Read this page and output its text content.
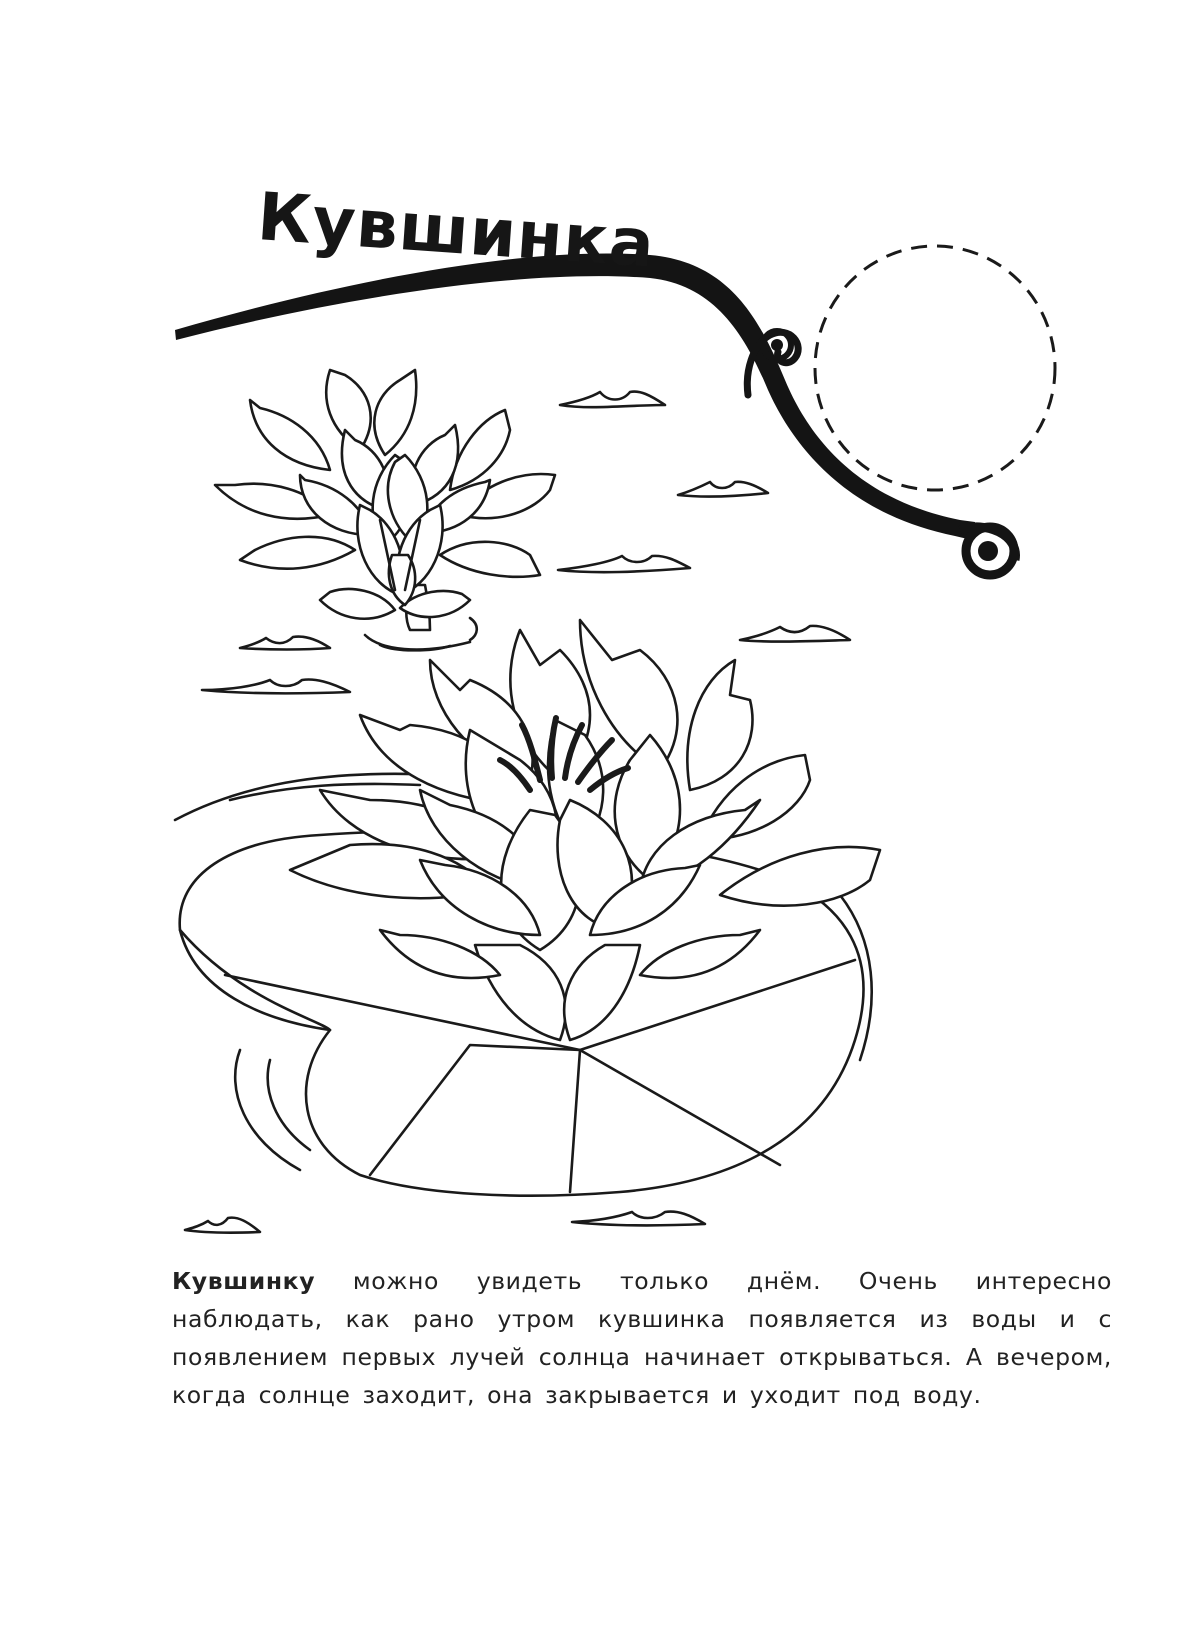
Кувшинка
Кувшинку можно увидеть только днём. Очень интересно наблюдать, как рано утром кувшинка появляется из воды и с появлением первых лучей солнца начинает открываться. А вечером, когда солнце заходит, она закрывается и уходит под воду.
